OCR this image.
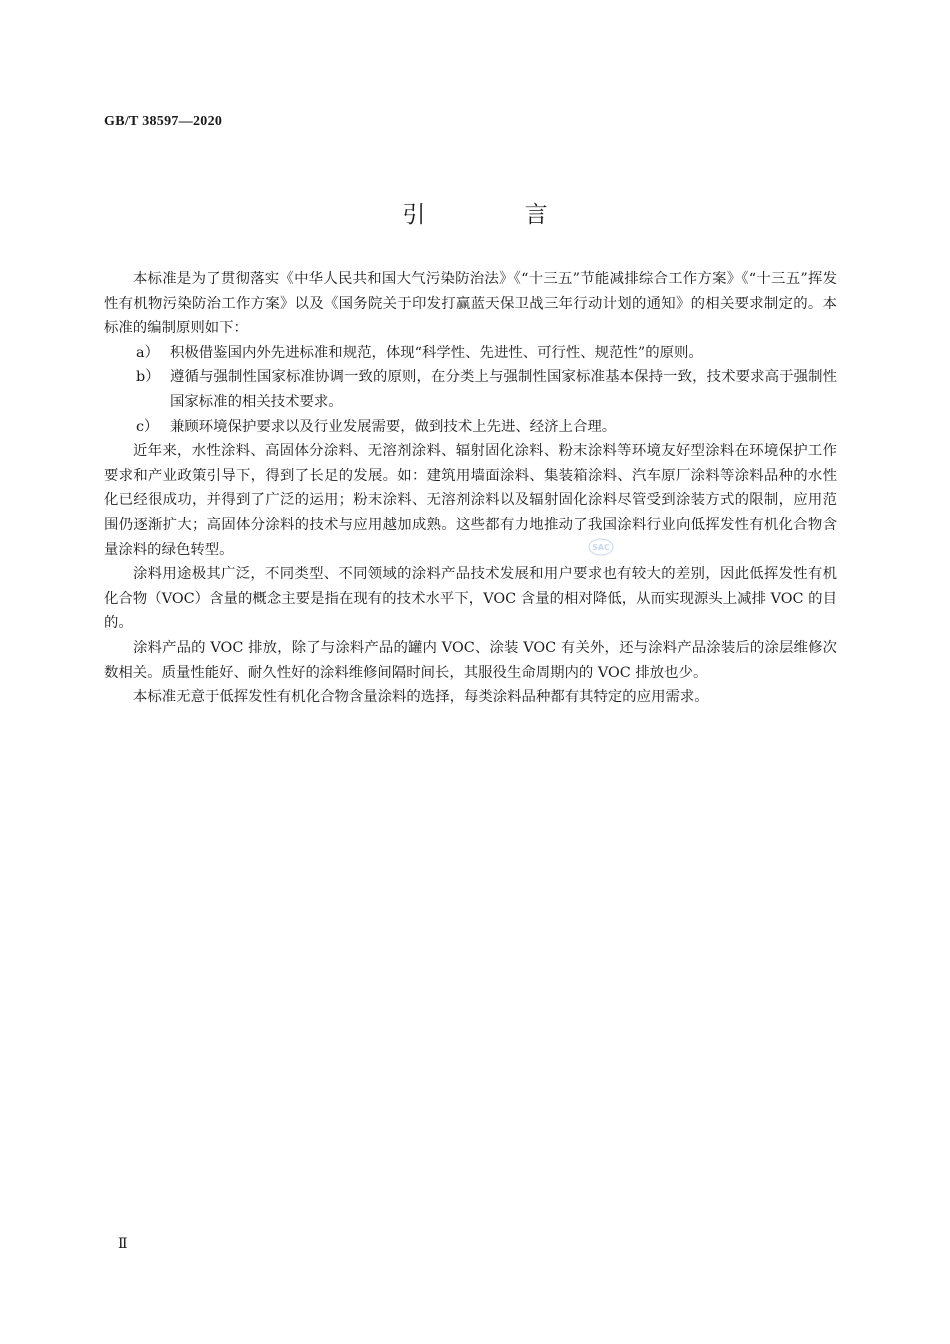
GB/T 38597—2020
引 言

本标准是为了贯彻落实《中华人民共和国大气污染防治法》《“十三五”节能减排综合工作方案》《“十三五”挥发性有机物污染防治工作方案》以及《国务院关于印发打赢蓝天保卫战三年行动计划的通知》的相关要求制定的。本标准的编制原则如下：

a） 积极借鉴国内外先进标准和规范，体现“科学性、先进性、可行性、规范性”的原则。
b） 遵循与强制性国家标准协调一致的原则，在分类上与强制性国家标准基本保持一致，技术要求高于强制性国家标准的相关技术要求。
c） 兼顾环境保护要求以及行业发展需要，做到技术上先进、经济上合理。

近年来，水性涂料、高固体分涂料、无溶剂涂料、辐射固化涂料、粉末涂料等环境友好型涂料在环境保护工作要求和产业政策引导下，得到了长足的发展。如：建筑用墙面涂料、集装箱涂料、汽车原厂涂料等涂料品种的水性化已经很成功，并得到了广泛的运用；粉末涂料、无溶剂涂料以及辐射固化涂料尽管受到涂装方式的限制，应用范围仍逐渐扩大；高固体分涂料的技术与应用越加成熟。这些都有力地推动了我国涂料行业向低挥发性有机化合物含量涂料的绿色转型。

涂料用途极其广泛，不同类型、不同领域的涂料产品技术发展和用户要求也有较大的差别，因此低挥发性有机化合物（VOC）含量的概念主要是指在现有的技术水平下，VOC 含量的相对降低，从而实现源头上减排 VOC 的目的。

涂料产品的 VOC 排放，除了与涂料产品的罐内 VOC、涂装 VOC 有关外，还与涂料产品涂装后的涂层维修次数相关。质量性能好、耐久性好的涂料维修间隔时间长，其服役生命周期内的 VOC 排放也少。

本标准无意于低挥发性有机化合物含量涂料的选择，每类涂料品种都有其特定的应用需求。

SAC
Ⅱ
